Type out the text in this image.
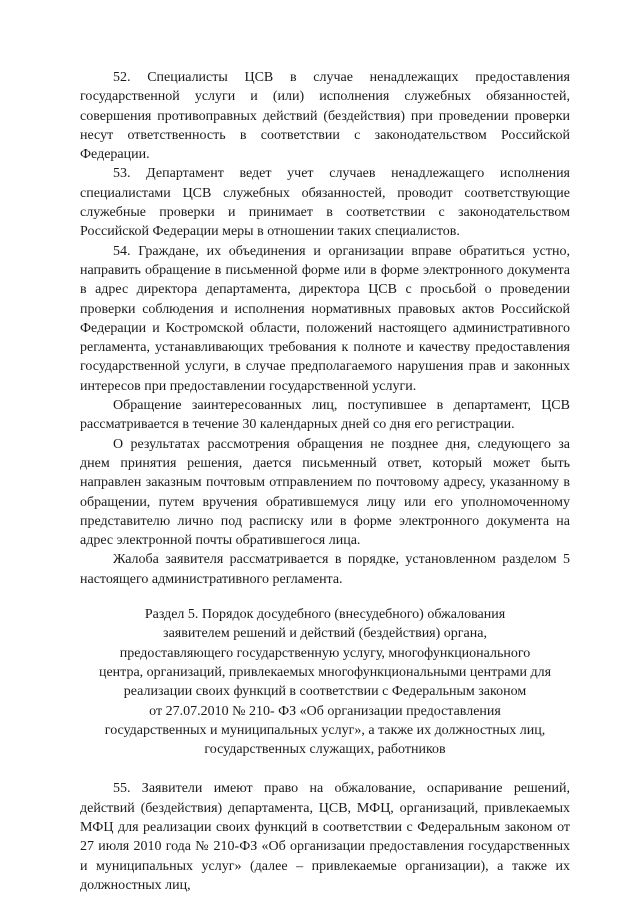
52. Специалисты ЦСВ в случае ненадлежащих предоставления государственной услуги и (или) исполнения служебных обязанностей, совершения противоправных действий (бездействия) при проведении проверки несут ответственность в соответствии с законодательством Российской Федерации.

53. Департамент ведет учет случаев ненадлежащего исполнения специалистами ЦСВ служебных обязанностей, проводит соответствующие служебные проверки и принимает в соответствии с законодательством Российской Федерации меры в отношении таких специалистов.

54. Граждане, их объединения и организации вправе обратиться устно, направить обращение в письменной форме или в форме электронного документа в адрес директора департамента, директора ЦСВ с просьбой о проведении проверки соблюдения и исполнения нормативных правовых актов Российской Федерации и Костромской области, положений настоящего административного регламента, устанавливающих требования к полноте и качеству предоставления государственной услуги, в случае предполагаемого нарушения прав и законных интересов при предоставлении государственной услуги.

Обращение заинтересованных лиц, поступившее в департамент, ЦСВ рассматривается в течение 30 календарных дней со дня его регистрации.

О результатах рассмотрения обращения не позднее дня, следующего за днем принятия решения, дается письменный ответ, который может быть направлен заказным почтовым отправлением по почтовому адресу, указанному в обращении, путем вручения обратившемуся лицу или его уполномоченному представителю лично под расписку или в форме электронного документа на адрес электронной почты обратившегося лица.

Жалоба заявителя рассматривается в порядке, установленном разделом 5 настоящего административного регламента.

Раздел 5. Порядок досудебного (внесудебного) обжалования
заявителем решений и действий (бездействия) органа,
предоставляющего государственную услугу, многофункционального
центра, организаций, привлекаемых многофункциональными центрами для
реализации своих функций в соответствии с Федеральным законом
от 27.07.2010 № 210- ФЗ «Об организации предоставления
государственных и муниципальных услуг», а также их должностных лиц,
государственных служащих, работников

55. Заявители имеют право на обжалование, оспаривание решений, действий (бездействия) департамента, ЦСВ, МФЦ, организаций, привлекаемых МФЦ для реализации своих функций в соответствии с Федеральным законом от 27 июля 2010 года № 210-ФЗ «Об организации предоставления государственных и муниципальных услуг» (далее – привлекаемые организации), а также их должностных лиц,
